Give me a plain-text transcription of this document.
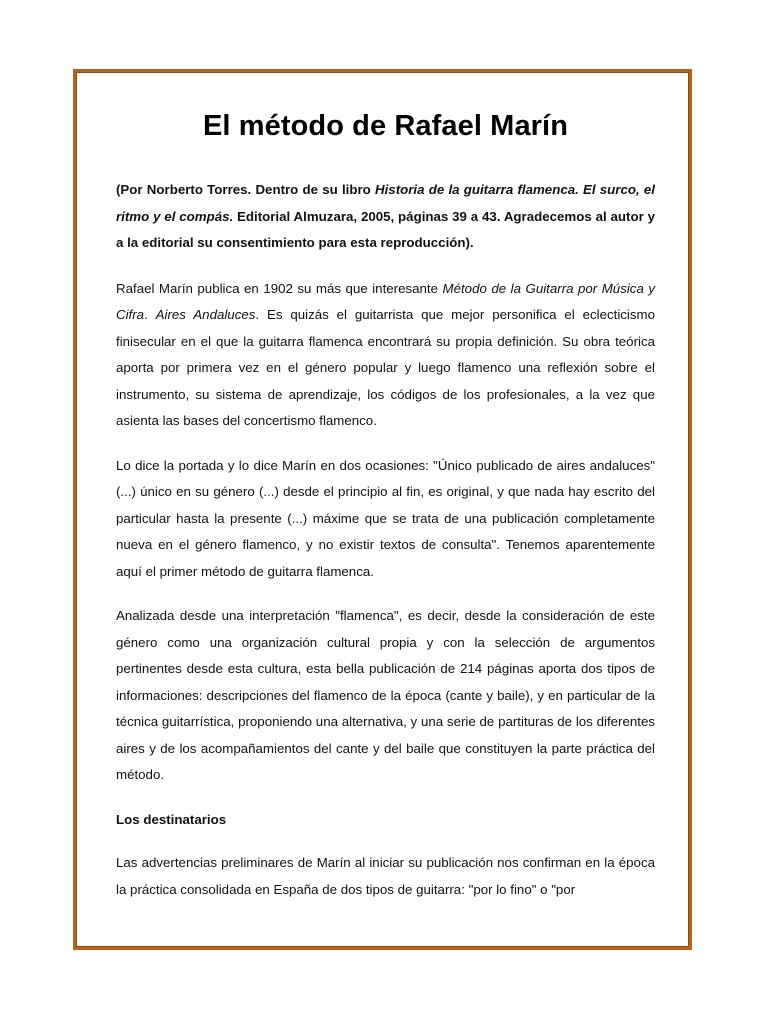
El método de Rafael Marín

(Por Norberto Torres. Dentro de su libro Historia de la guitarra flamenca. El surco, el ritmo y el compás. Editorial Almuzara, 2005, páginas 39 a 43. Agradecemos al autor y a la editorial su consentimiento para esta reproducción).

Rafael Marín publica en 1902 su más que interesante Método de la Guitarra por Música y Cifra. Aires Andaluces. Es quizás el guitarrista que mejor personifica el eclecticismo finisecular en el que la guitarra flamenca encontrará su propia definición. Su obra teórica aporta por primera vez en el género popular y luego flamenco una reflexión sobre el instrumento, su sistema de aprendizaje, los códigos de los profesionales, a la vez que asienta las bases del concertismo flamenco.

Lo dice la portada y lo dice Marín en dos ocasiones: "Único publicado de aires andaluces" (...) único en su género (...) desde el principio al fin, es original, y que nada hay escrito del particular hasta la presente (...) máxime que se trata de una publicación completamente nueva en el género flamenco, y no existir textos de consulta". Tenemos aparentemente aquí el primer método de guitarra flamenca.

Analizada desde una interpretación "flamenca", es decir, desde la consideración de este género como una organización cultural propia y con la selección de argumentos pertinentes desde esta cultura, esta bella publicación de 214 páginas aporta dos tipos de informaciones: descripciones del flamenco de la época (cante y baile), y en particular de la técnica guitarrística, proponiendo una alternativa, y una serie de partituras de los diferentes aires y de los acompañamientos del cante y del baile que constituyen la parte práctica del método.

Los destinatarios

Las advertencias preliminares de Marín al iniciar su publicación nos confirman en la época la práctica consolidada en España de dos tipos de guitarra: "por lo fino" o "por
